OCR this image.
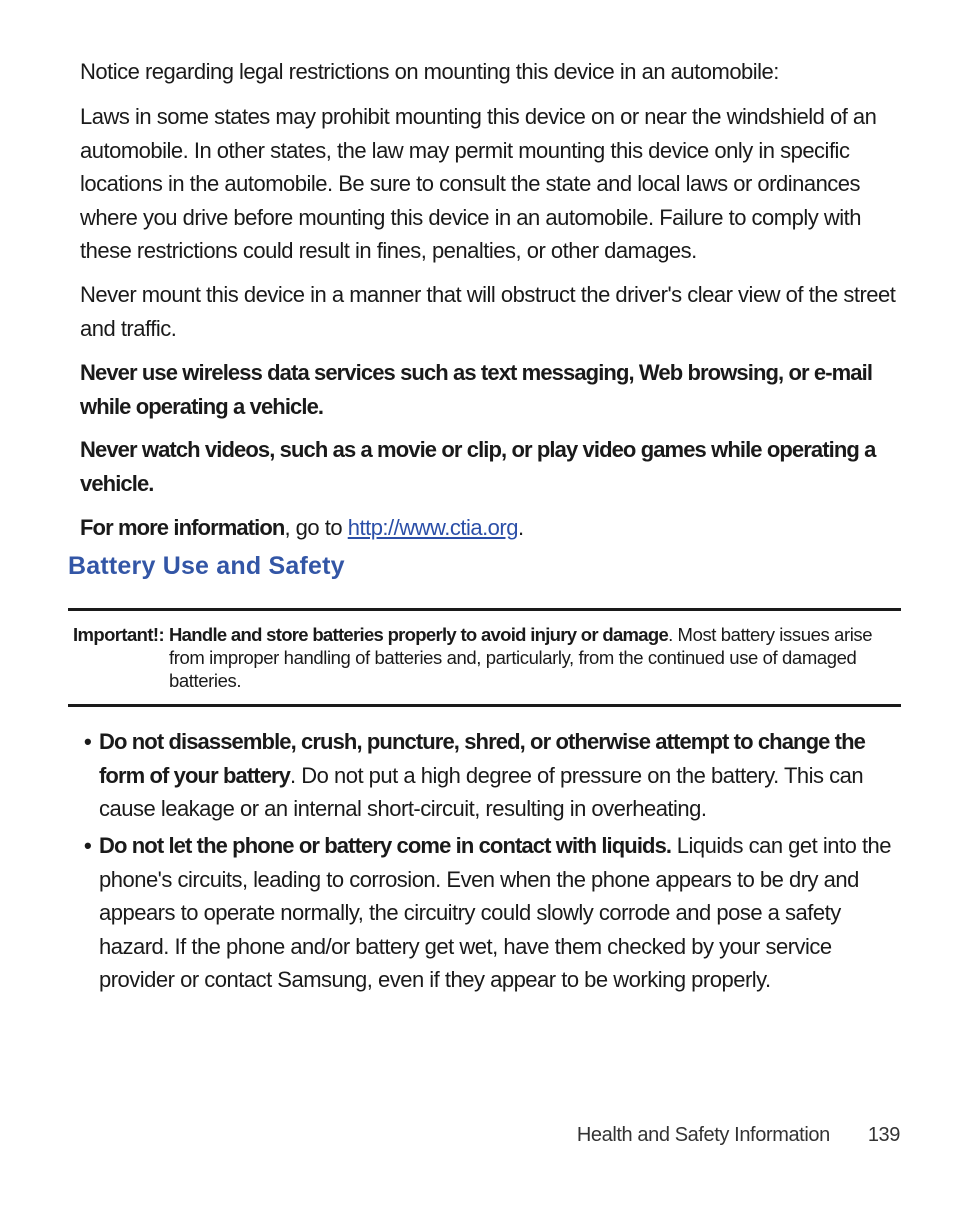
Notice regarding legal restrictions on mounting this device in an automobile:
Laws in some states may prohibit mounting this device on or near the windshield of an automobile. In other states, the law may permit mounting this device only in specific locations in the automobile. Be sure to consult the state and local laws or ordinances where you drive before mounting this device in an automobile. Failure to comply with these restrictions could result in fines, penalties, or other damages.
Never mount this device in a manner that will obstruct the driver's clear view of the street and traffic.
Never use wireless data services such as text messaging, Web browsing, or e-mail while operating a vehicle.
Never watch videos, such as a movie or clip, or play video games while operating a vehicle.
For more information, go to http://www.ctia.org.
Battery Use and Safety
Important!: Handle and store batteries properly to avoid injury or damage. Most battery issues arise from improper handling of batteries and, particularly, from the continued use of damaged batteries.
• Do not disassemble, crush, puncture, shred, or otherwise attempt to change the form of your battery. Do not put a high degree of pressure on the battery. This can cause leakage or an internal short-circuit, resulting in overheating.
• Do not let the phone or battery come in contact with liquids. Liquids can get into the phone's circuits, leading to corrosion. Even when the phone appears to be dry and appears to operate normally, the circuitry could slowly corrode and pose a safety hazard. If the phone and/or battery get wet, have them checked by your service provider or contact Samsung, even if they appear to be working properly.
Health and Safety Information 139
